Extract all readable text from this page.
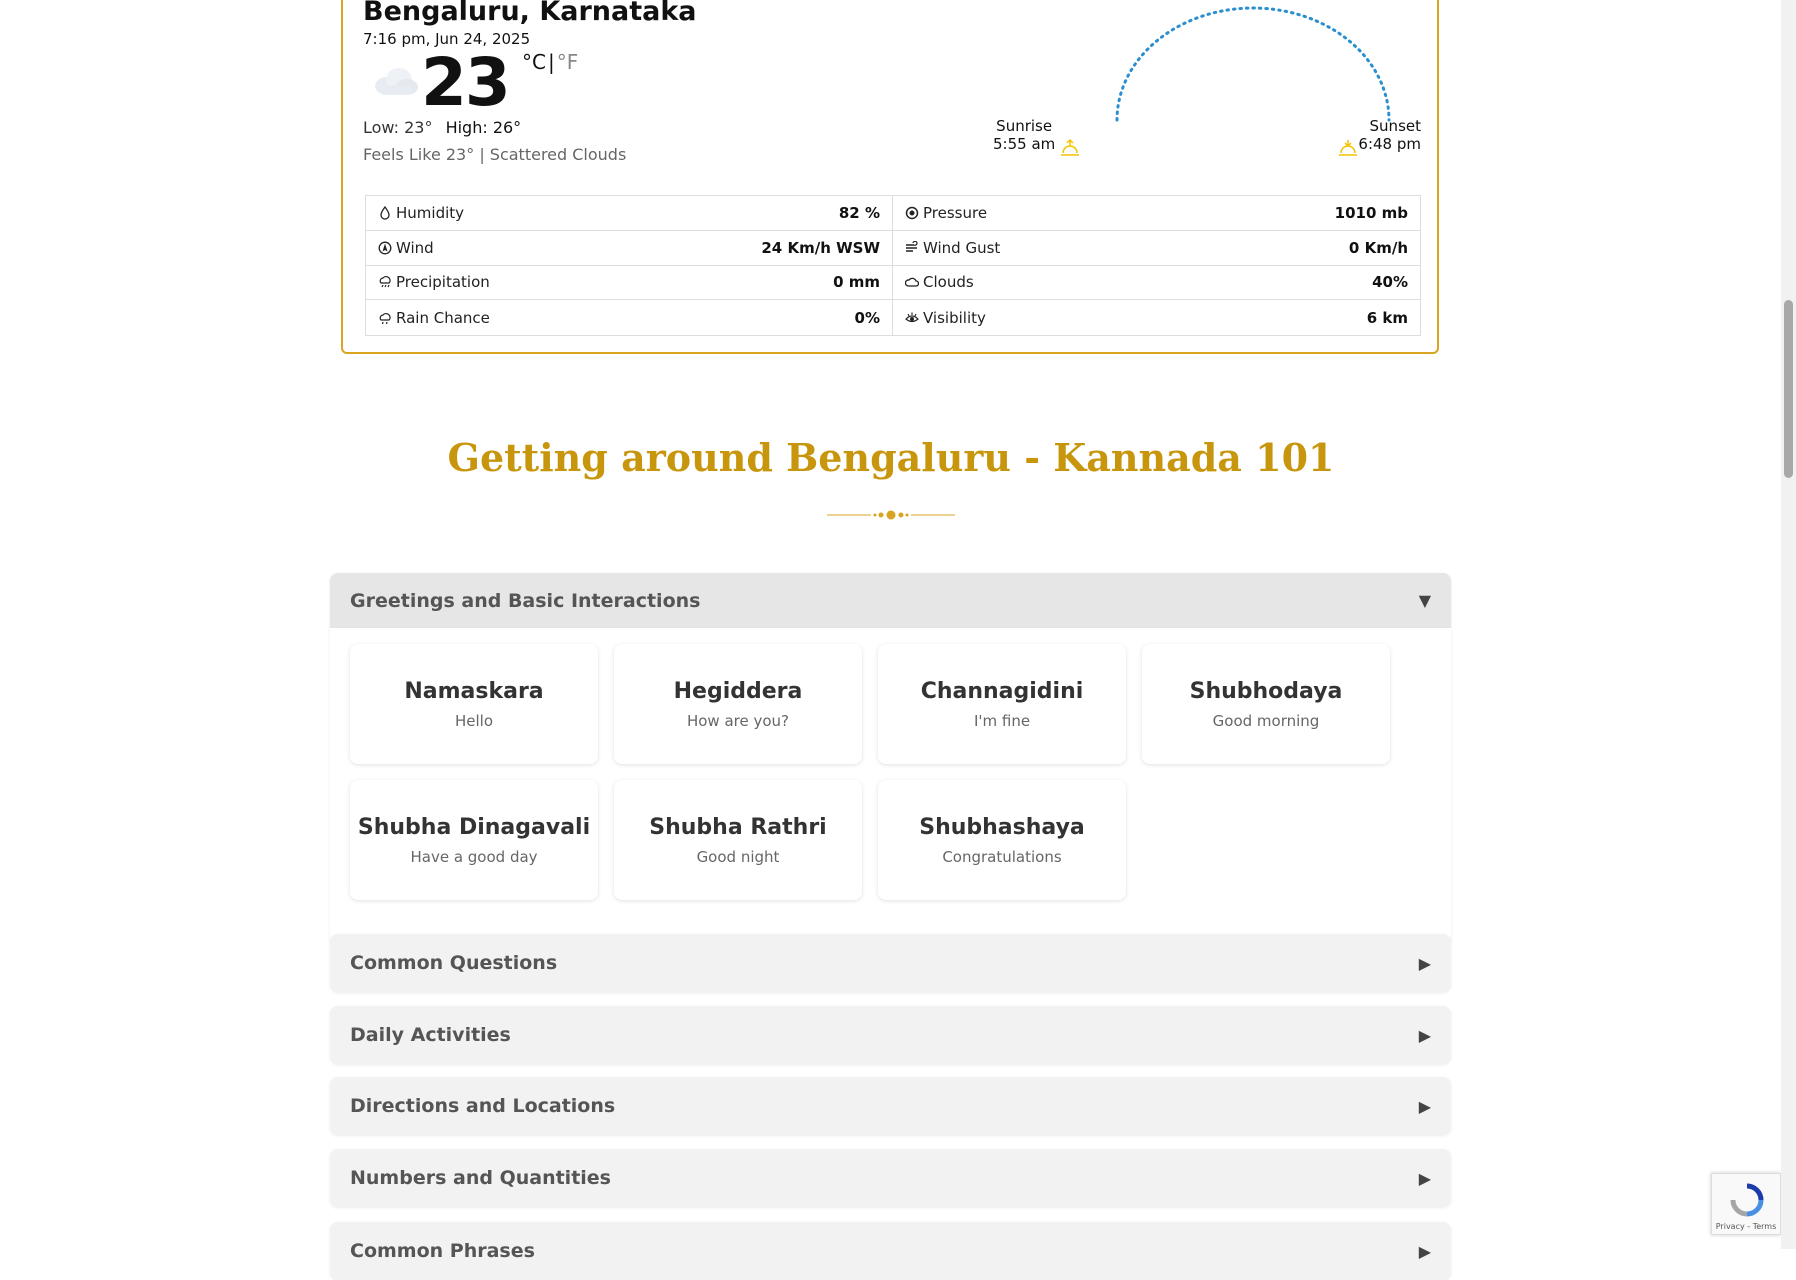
Bengaluru, Karnataka
7:16 pm, Jun 24, 2025
23 °C | °F
Low: 23° High: 26°
Feels Like 23° | Scattered Clouds
Sunrise
5:55 am
Sunset
6:48 pm
Humidity	82 %	Pressure	1010 mb
Wind	24 Km/h WSW	Wind Gust	0 Km/h
Precipitation	0 mm	Clouds	40%
Rain Chance	0%	Visibility	6 km
Getting around Bengaluru - Kannada 101
Greetings and Basic Interactions	▼
Namaskara
Hello
Hegiddera
How are you?
Channagidini
I'm fine
Shubhodaya
Good morning
Shubha Dinagavali
Have a good day
Shubha Rathri
Good night
Shubhashaya
Congratulations
Common Questions	▶
Daily Activities	▶
Directions and Locations	▶
Numbers and Quantities	▶
Common Phrases	▶
Privacy - Terms
